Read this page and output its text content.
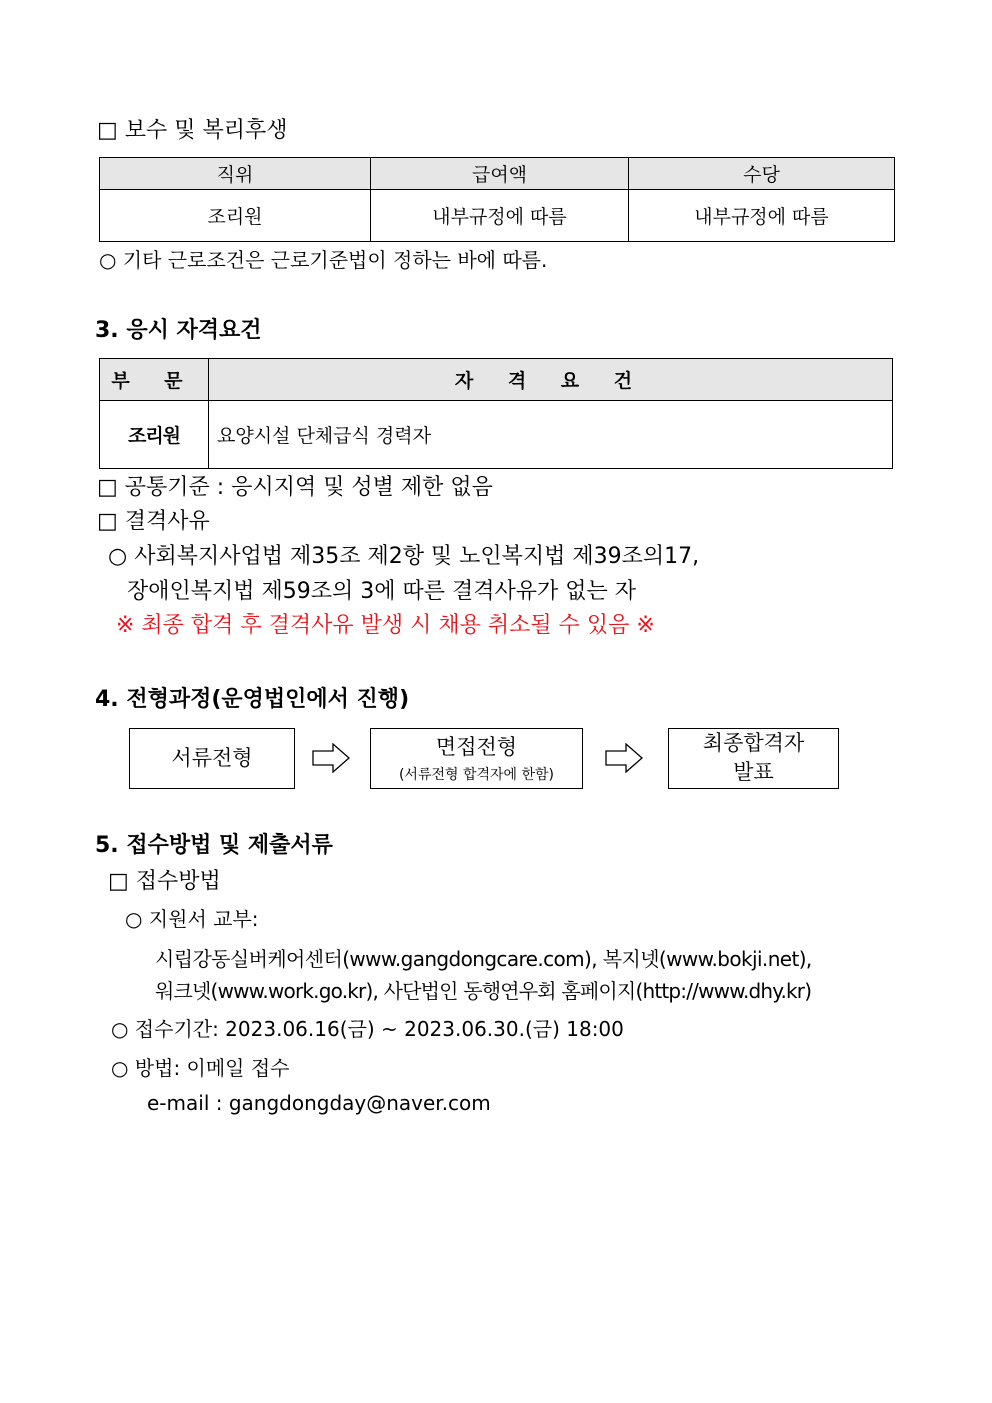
□ 보수 및 복리후생
직위	급여액	수당
조리원	내부규정에 따름	내부규정에 따름
○ 기타 근로조건은 근로기준법이 정하는 바에 따름.
3. 응시 자격요건
부 문	자 격 요 건
조리원	요양시설 단체급식 경력자
□ 공통기준 : 응시지역 및 성별 제한 없음
□ 결격사유
○ 사회복지사업법 제35조 제2항 및 노인복지법 제39조의17,
장애인복지법 제59조의 3에 따른 결격사유가 없는 자
※ 최종 합격 후 결격사유 발생 시 채용 취소될 수 있음 ※
4. 전형과정(운영법인에서 진행)
서류전형	면접전형
(서류전형 합격자에 한함)
최종합격자
발표
5. 접수방법 및 제출서류
□ 접수방법
○ 지원서 교부:
시립강동실버케어센터(www.gangdongcare.com), 복지넷(www.bokji.net),
워크넷(www.work.go.kr), 사단법인 동행연우회 홈페이지(http://www.dhy.kr)
○ 접수기간: 2023.06.16(금) ~ 2023.06.30.(금) 18:00
○ 방법: 이메일 접수
e-mail : gangdongday@naver.com
